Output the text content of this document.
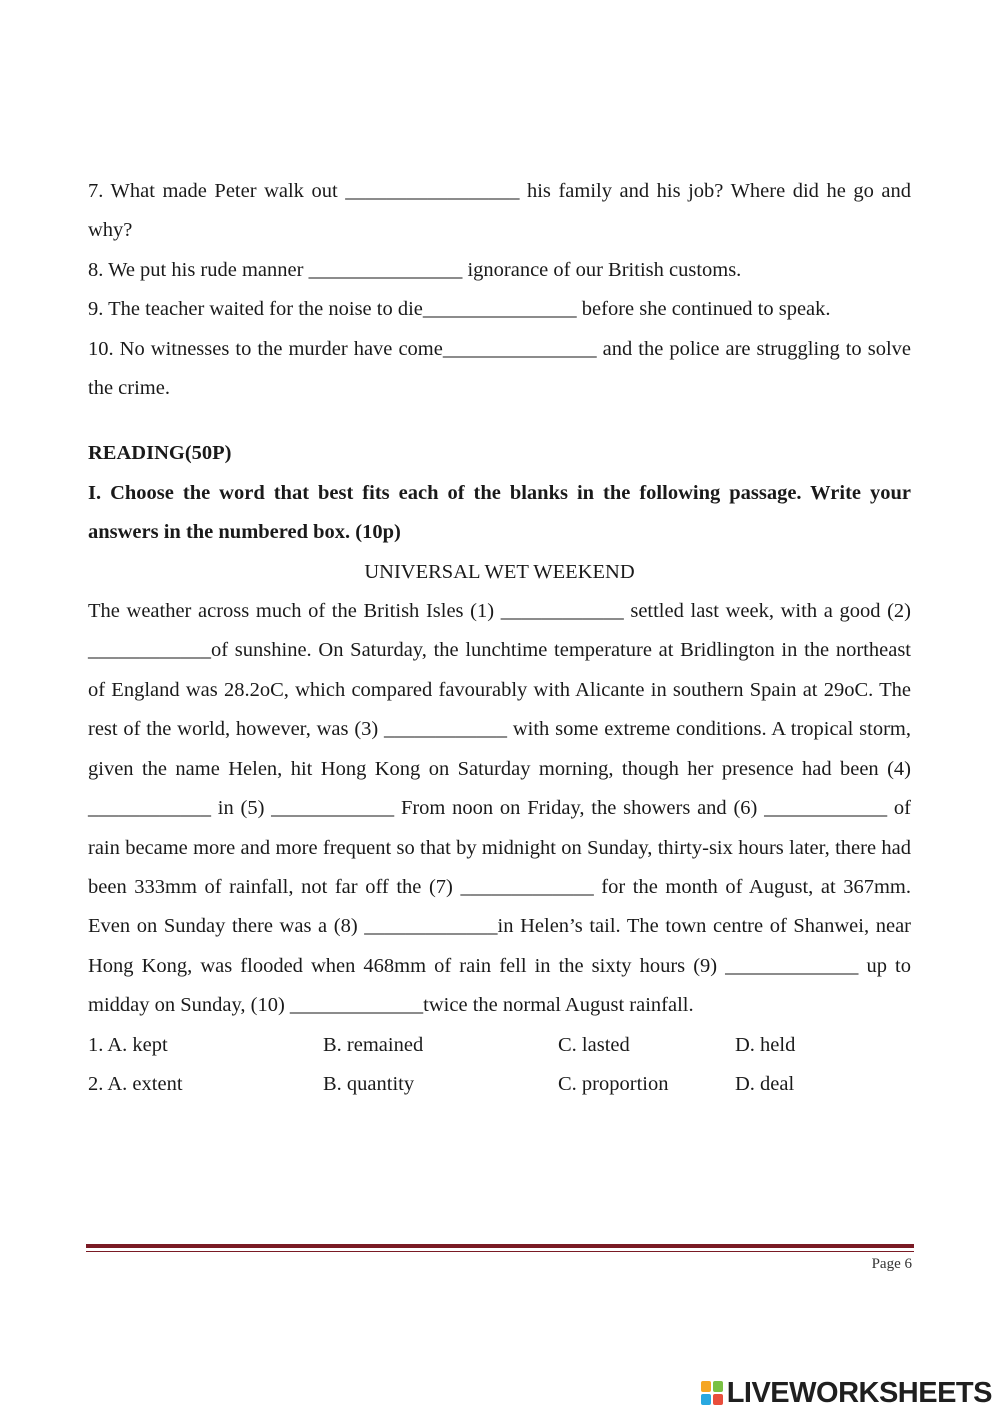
7. What made Peter walk out _________________ his family and his job? Where did he go and why?

8. We put his rude manner _______________ ignorance of our British customs.

9. The teacher waited for the noise to die_______________ before she continued to speak.

10. No witnesses to the murder have come_______________ and the police are struggling to solve the crime.

READING(50P)

I. Choose the word that best fits each of the blanks in the following passage. Write your answers in the numbered box. (10p)

UNIVERSAL WET WEEKEND

The weather across much of the British Isles (1) ____________ settled last week, with a good (2) ____________of sunshine. On Saturday, the lunchtime temperature at Bridlington in the northeast of England was 28.2oC, which compared favourably with Alicante in southern Spain at 29oC. The rest of the world, however, was (3) ____________ with some extreme conditions. A tropical storm, given the name Helen, hit Hong Kong on Saturday morning, though her presence had been (4) ____________ in (5) ____________ From noon on Friday, the showers and (6) ____________ of rain became more and more frequent so that by midnight on Sunday, thirty-six hours later, there had been 333mm of rainfall, not far off the (7) _____________ for the month of August, at 367mm. Even on Sunday there was a (8) _____________in Helen’s tail. The town centre of Shanwei, near Hong Kong, was flooded when 468mm of rain fell in the sixty hours (9) _____________ up to midday on Sunday, (10) _____________twice the normal August rainfall.

1. A. kept	B. remained	C. lasted	D. held
2. A. extent	B. quantity	C. proportion	D. deal
Page 6
LIVEWORKSHEETS
